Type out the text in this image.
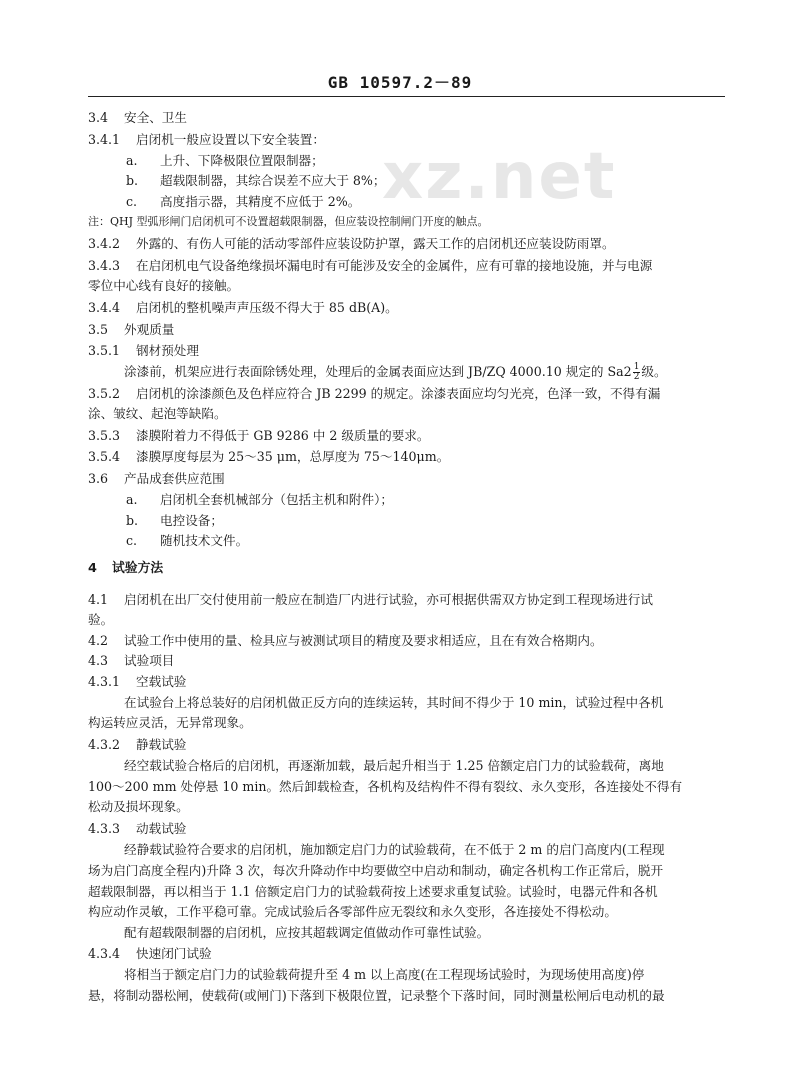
GB 10597.2－89
xz.net
3.4 安全、卫生
3.4.1 启闭机一般应设置以下安全装置：
a. 上升、下降极限位置限制器；
b. 超载限制器，其综合误差不应大于 8%；
c. 高度指示器，其精度不应低于 2%。
注：QHJ 型弧形闸门启闭机可不设置超载限制器，但应装设控制闸门开度的触点。
3.4.2 外露的、有伤人可能的活动零部件应装设防护罩，露天工作的启闭机还应装设防雨罩。
3.4.3 在启闭机电气设备绝缘损坏漏电时有可能涉及安全的金属件，应有可靠的接地设施，并与电源
零位中心线有良好的接触。
3.4.4 启闭机的整机噪声声压级不得大于 85 dB(A)。
3.5 外观质量
3.5.1 钢材预处理
涂漆前，机架应进行表面除锈处理，处理后的金属表面应达到 JB/ZQ 4000.10 规定的 $Sa2 \frac{1}{2}$ 级。
3.5.2 启闭机的涂漆颜色及色样应符合 JB 2299 的规定。涂漆表面应均匀光亮，色泽一致，不得有漏
涂、皱纹、起泡等缺陷。
3.5.3 漆膜附着力不得低于 GB 9286 中 2 级质量的要求。
3.5.4 漆膜厚度每层为 25～35 μm，总厚度为 75～140μm。
3.6 产品成套供应范围
a. 启闭机全套机械部分（包括主机和附件）；
b. 电控设备；
c. 随机技术文件。
4 试验方法
4.1 启闭机在出厂交付使用前一般应在制造厂内进行试验，亦可根据供需双方协定到工程现场进行试
验。
4.2 试验工作中使用的量、检具应与被测试项目的精度及要求相适应，且在有效合格期内。
4.3 试验项目
4.3.1 空载试验
在试验台上将总装好的启闭机做正反方向的连续运转，其时间不得少于 10 min，试验过程中各机
构运转应灵活，无异常现象。
4.3.2 静载试验
经空载试验合格后的启闭机，再逐渐加载，最后起升相当于 1.25 倍额定启门力的试验载荷，离地
100～200 mm 处停悬 10 min。然后卸载检查，各机构及结构件不得有裂纹、永久变形，各连接处不得有
松动及损坏现象。
4.3.3 动载试验
经静载试验符合要求的启闭机，施加额定启门力的试验载荷，在不低于 2 m 的启门高度内(工程现
场为启门高度全程内)升降 3 次，每次升降动作中均要做空中启动和制动，确定各机构工作正常后，脱开
超载限制器，再以相当于 1.1 倍额定启门力的试验载荷按上述要求重复试验。试验时，电器元件和各机
构应动作灵敏，工作平稳可靠。完成试验后各零部件应无裂纹和永久变形，各连接处不得松动。
配有超载限制器的启闭机，应按其超载调定值做动作可靠性试验。
4.3.4 快速闭门试验
将相当于额定启门力的试验载荷提升至 4 m 以上高度(在工程现场试验时，为现场使用高度)停
悬，将制动器松闸，使载荷(或闸门)下落到下极限位置，记录整个下落时间，同时测量松闸后电动机的最
